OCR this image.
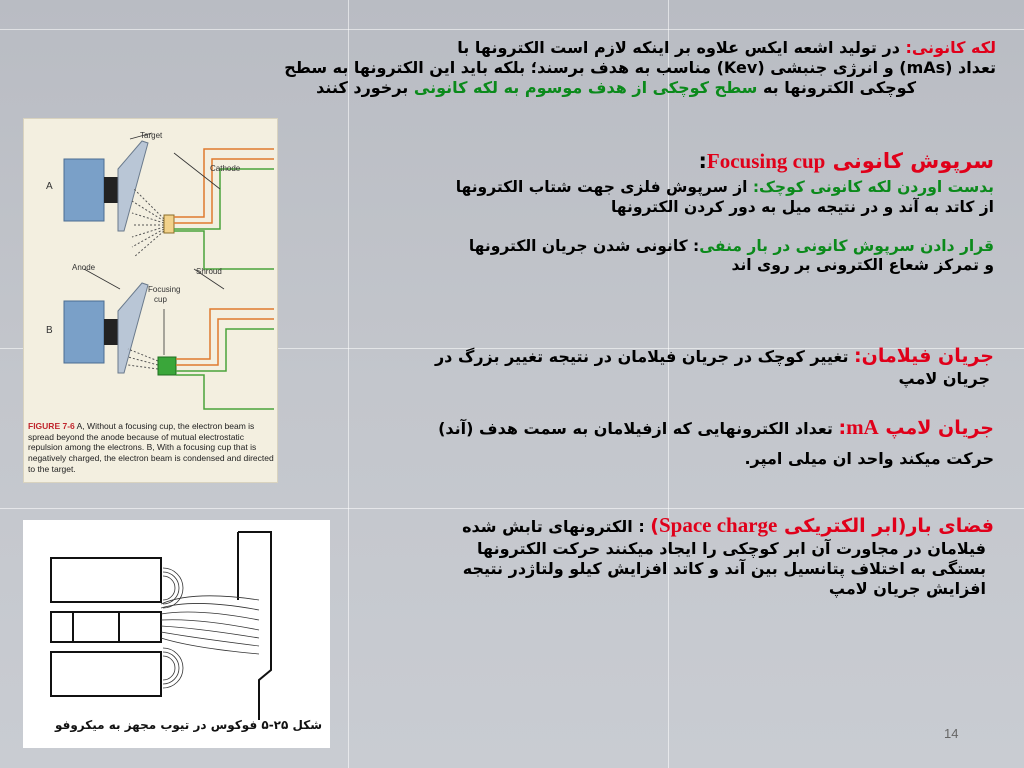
لکه کانونی: در تولید اشعه ایکس علاوه بر اینکه لازم است الکترونها با
تعداد (mAs) و انرژی جنبشی (Kev) مناسب به هدف برسند؛ بلکه باید این الکترونها به سطح
کوچکی الکترونها به سطح کوچکی از هدف موسوم به لکه کانونی برخورد کنند
سرپوش کانونی Focusing cup:
بدست اوردن لکه کانونی کوچک: از سرپوش فلزی جهت شتاب الکترونها
از کاتد به آند و در نتیجه میل به دور کردن الکترونها
قرار دادن سرپوش کانونی در بار منفی: کانونی شدن جریان الکترونها
و تمرکز شعاع الکترونی بر روی اند
جریان فیلامان: تغییر کوچک در جریان فیلامان در نتیجه تغییر بزرگ در
جریان لامپ
جریان لامپ mA: تعداد الکترونهایی که ازفیلامان به سمت هدف (آند)
حرکت میکند واحد ان میلی امپر.
فضای بار(ابر الکتریکی Space charge) : الکترونهای تابش شده
فیلامان در مجاورت آن ابر کوچکی را ایجاد میکنند حرکت الکترونها
بستگی به اختلاف پتانسیل بین آند و کاتد افزایش کیلو ولتاژدر نتیجه
افزایش جریان لامپ
Target
Cathode
A
Anode	Shroud
Focusing
cup
B
FIGURE 7-6 A, Without a focusing cup, the electron beam is spread beyond the anode because of mutual electrostatic repulsion among the electrons. B, With a focusing cup that is negatively charged, the electron beam is condensed and directed to the target.
شکل ۲۵-۵ فوکوس در تیوب مجهز به میکروفو
14
